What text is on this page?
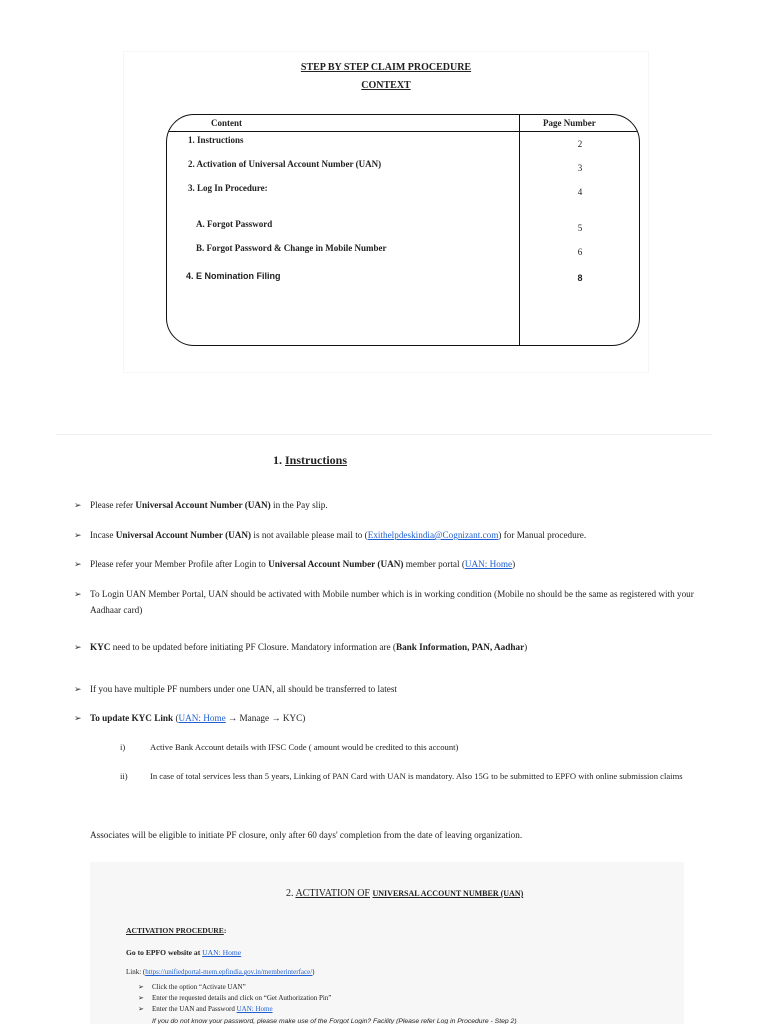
STEP BY STEP CLAIM PROCEDURE
CONTEXT
Content	Page Number
1. Instructions	2
2. Activation of Universal Account Number (UAN)	3
3. Log In Procedure:	4
A. Forgot Password	5
B. Forgot Password & Change in Mobile Number	6
4. E Nomination Filing	8
1. Instructions
➢ Please refer Universal Account Number (UAN) in the Pay slip.
➢ Incase Universal Account Number (UAN) is not available please mail to (Exithelpdeskindia@Cognizant.com) for Manual procedure.
➢ Please refer your Member Profile after Login to Universal Account Number (UAN) member portal (UAN: Home)
➢ To Login UAN Member Portal, UAN should be activated with Mobile number which is in working condition (Mobile no should be the same as registered with your Aadhaar card)
➢ KYC need to be updated before initiating PF Closure. Mandatory information are (Bank Information, PAN, Aadhar)
➢ If you have multiple PF numbers under one UAN, all should be transferred to latest
➢ To update KYC Link (UAN: Home → Manage → KYC)
i)	Active Bank Account details with IFSC Code ( amount would be credited to this account)
ii)	In case of total services less than 5 years, Linking of PAN Card with UAN is mandatory. Also 15G to be submitted to EPFO with online submission claims
Associates will be eligible to initiate PF closure, only after 60 days' completion from the date of leaving organization.
2. ACTIVATION OF UNIVERSAL ACCOUNT NUMBER (UAN)
ACTIVATION PROCEDURE:
Go to EPFO website at UAN: Home
Link: (https://unifiedportal-mem.epfindia.gov.in/memberinterface/)
➢ Click the option “Activate UAN”
➢ Enter the requested details and click on “Get Authorization Pin”
➢ Enter the UAN and Password UAN: Home
If you do not know your password, please make use of the Forgot Login? Facility (Please refer Log in Procedure - Step 2)
